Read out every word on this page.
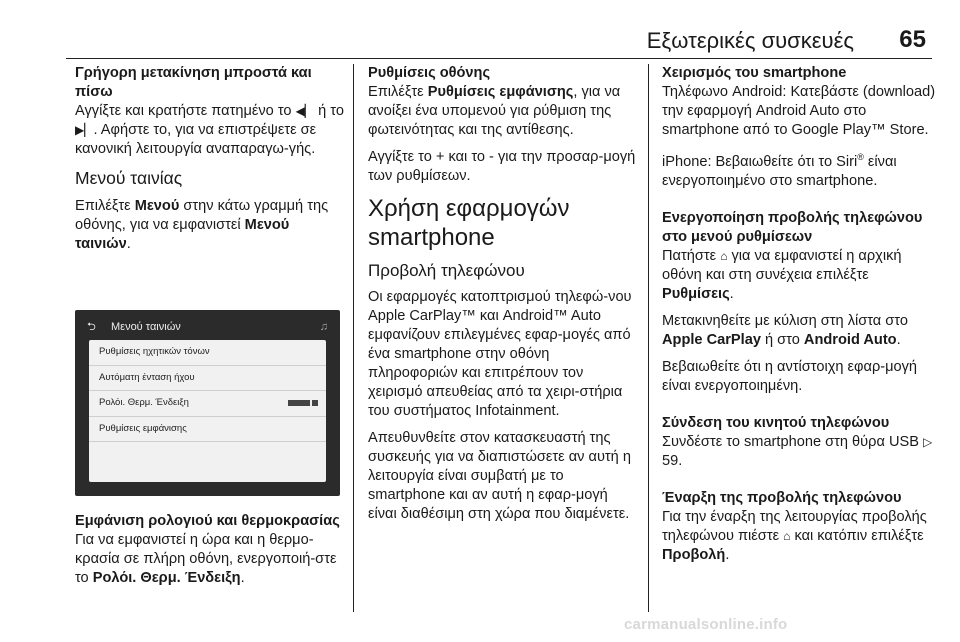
Εξωτερικές συσκευές 65

Γρήγορη μετακίνηση μπροστά και πίσω

Αγγίξτε και κρατήστε πατημένο το ◀▏ ή το ▶▏. Αφήστε το, για να επιστρέψετε σε κανονική λειτουργία αναπαραγω-γής.

Μενού ταινίας

Επιλέξτε Μενού στην κάτω γραμμή της οθόνης, για να εμφανιστεί Μενού ταινιών.

⮌ Μενού ταινιών	♫
Ρυθμίσεις ηχητικών τόνων
Αυτόματη ένταση ήχου
Ρολόι. Θερμ. Ένδειξη
Ρυθμίσεις εμφάνισης

Εμφάνιση ρολογιού και θερμοκρασίας

Για να εμφανιστεί η ώρα και η θερμο-κρασία σε πλήρη οθόνη, ενεργοποιή-στε το Ρολόι. Θερμ. Ένδειξη.

Ρυθμίσεις οθόνης

Επιλέξτε Ρυθμίσεις εμφάνισης, για να ανοίξει ένα υπομενού για ρύθμιση της φωτεινότητας και της αντίθεσης.

Αγγίξτε το + και το - για την προσαρ-μογή των ρυθμίσεων.

Χρήση εφαρμογών smartphone

Προβολή τηλεφώνου

Οι εφαρμογές κατοπτρισμού τηλεφώ-νου Apple CarPlay™ και Android™ Auto εμφανίζουν επιλεγμένες εφαρ-μογές από ένα smartphone στην οθόνη πληροφοριών και επιτρέπουν τον χειρισμό απευθείας από τα χειρι-στήρια του συστήματος Infotainment.

Απευθυνθείτε στον κατασκευαστή της συσκευής για να διαπιστώσετε αν αυτή η λειτουργία είναι συμβατή με το smartphone και αν αυτή η εφαρ-μογή είναι διαθέσιμη στη χώρα που διαμένετε.

Χειρισμός του smartphone

Τηλέφωνο Android: Κατεβάστε (download) την εφαρμογή Android Auto στο smartphone από το Google Play™ Store.

iPhone: Βεβαιωθείτε ότι το Siri® είναι ενεργοποιημένο στο smartphone.

Ενεργοποίηση προβολής τηλεφώνου στο μενού ρυθμίσεων

Πατήστε ⌂ για να εμφανιστεί η αρχική οθόνη και στη συνέχεια επιλέξτε Ρυθμίσεις.

Μετακινηθείτε με κύλιση στη λίστα στο Apple CarPlay ή στο Android Auto.

Βεβαιωθείτε ότι η αντίστοιχη εφαρ-μογή είναι ενεργοποιημένη.

Σύνδεση του κινητού τηλεφώνου

Συνδέστε το smartphone στη θύρα USB ▷ 59.

Έναρξη της προβολής τηλεφώνου

Για την έναρξη της λειτουργίας προβολής τηλεφώνου πιέστε ⌂ και κατόπιν επιλέξτε Προβολή.

carmanualsonline.info
